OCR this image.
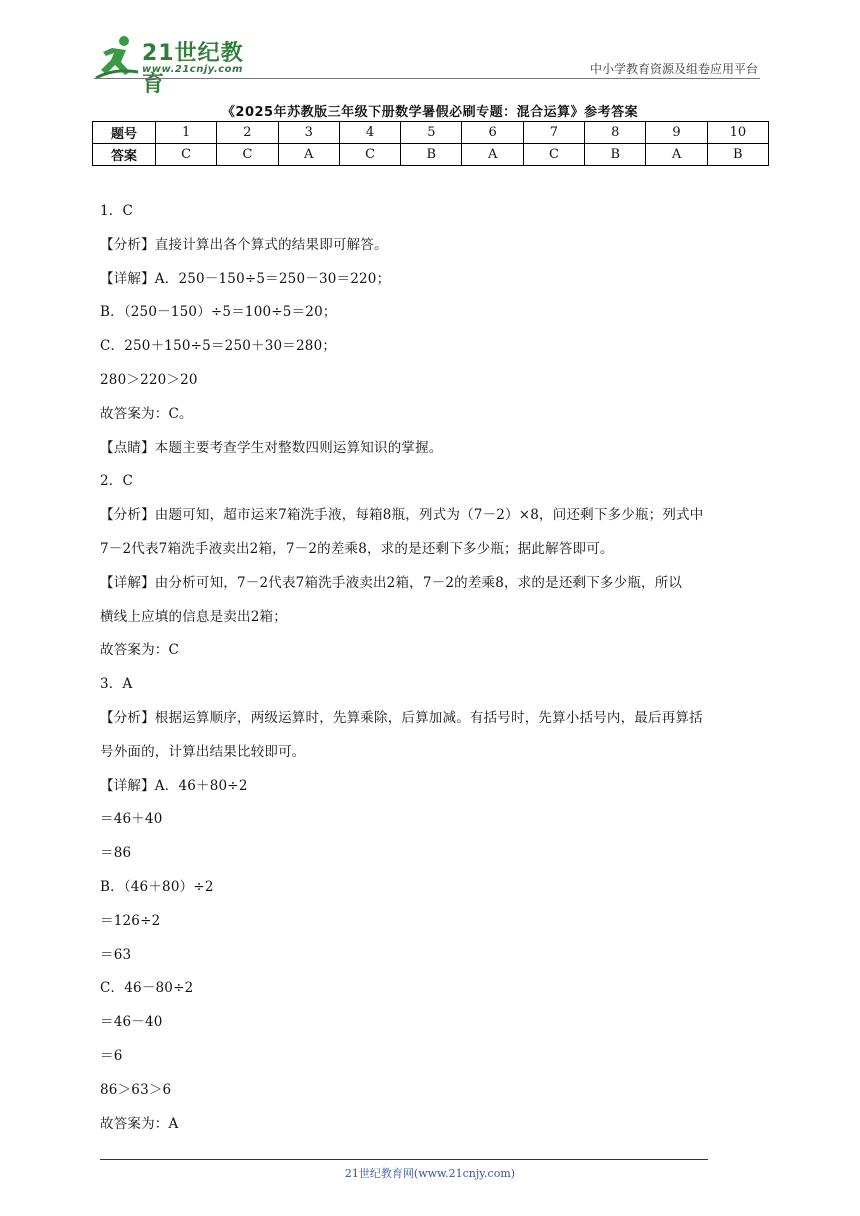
21世纪教育
www.21cnjy.com	中小学教育资源及组卷应用平台
《2025年苏教版三年级下册数学暑假必刷专题：混合运算》参考答案
题号	1	2	3	4	5	6	7	8	9	10
答案	C	C	A	C	B	A	C	B	A	B
1．C
【分析】直接计算出各个算式的结果即可解答。
【详解】A．250－150÷5＝250－30＝220；
B．（250－150）÷5＝100÷5＝20；
C．250＋150÷5＝250＋30＝280；
280＞220＞20
故答案为：C。
【点睛】本题主要考查学生对整数四则运算知识的掌握。
2．C
【分析】由题可知，超市运来7箱洗手液，每箱8瓶，列式为（7－2）×8，问还剩下多少瓶；列式中
7－2代表7箱洗手液卖出2箱，7－2的差乘8，求的是还剩下多少瓶；据此解答即可。
【详解】由分析可知，7－2代表7箱洗手液卖出2箱，7－2的差乘8，求的是还剩下多少瓶，所以
横线上应填的信息是卖出2箱；
故答案为：C
3．A
【分析】根据运算顺序，两级运算时，先算乘除，后算加减。有括号时，先算小括号内，最后再算括
号外面的，计算出结果比较即可。
【详解】A．46＋80÷2
＝46＋40
＝86
B．（46＋80）÷2
＝126÷2
＝63
C．46－80÷2
＝46－40
＝6
86＞63＞6
故答案为：A
21世纪教育网(www.21cnjy.com)
